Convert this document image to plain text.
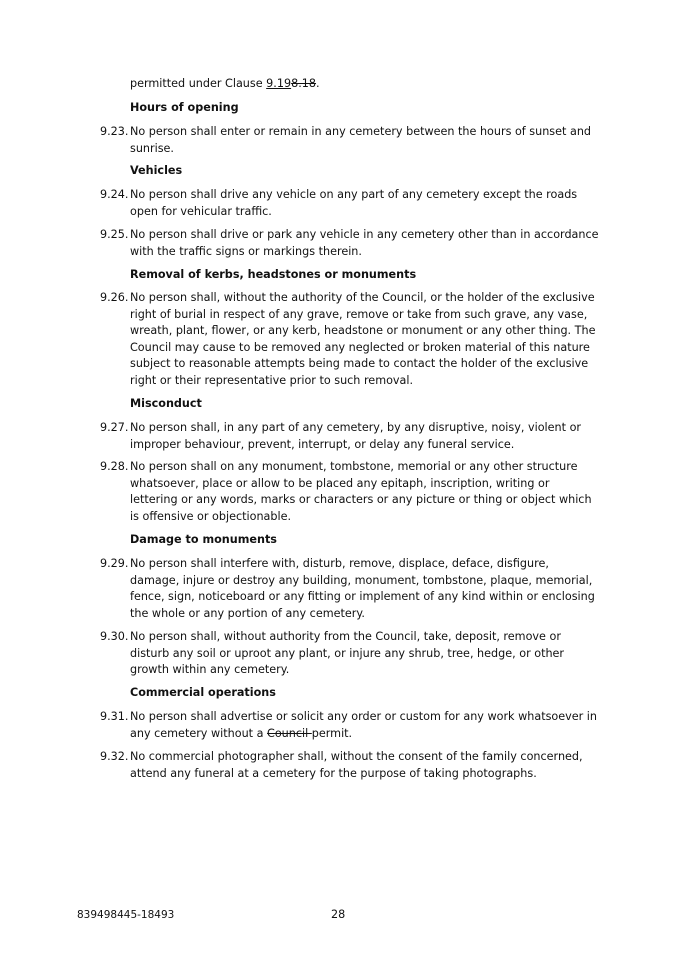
permitted under Clause 9.198.18.
Hours of opening
9.23. No person shall enter or remain in any cemetery between the hours of sunset and sunrise.
Vehicles
9.24. No person shall drive any vehicle on any part of any cemetery except the roads open for vehicular traffic.
9.25. No person shall drive or park any vehicle in any cemetery other than in accordance with the traffic signs or markings therein.
Removal of kerbs, headstones or monuments
9.26. No person shall, without the authority of the Council, or the holder of the exclusive right of burial in respect of any grave, remove or take from such grave, any vase, wreath, plant, flower, or any kerb, headstone or monument or any other thing. The Council may cause to be removed any neglected or broken material of this nature subject to reasonable attempts being made to contact the holder of the exclusive right or their representative prior to such removal.
Misconduct
9.27. No person shall, in any part of any cemetery, by any disruptive, noisy, violent or improper behaviour, prevent, interrupt, or delay any funeral service.
9.28. No person shall on any monument, tombstone, memorial or any other structure whatsoever, place or allow to be placed any epitaph, inscription, writing or lettering or any words, marks or characters or any picture or thing or object which is offensive or objectionable.
Damage to monuments
9.29. No person shall interfere with, disturb, remove, displace, deface, disfigure, damage, injure or destroy any building, monument, tombstone, plaque, memorial, fence, sign, noticeboard or any fitting or implement of any kind within or enclosing the whole or any portion of any cemetery.
9.30. No person shall, without authority from the Council, take, deposit, remove or disturb any soil or uproot any plant, or injure any shrub, tree, hedge, or other growth within any cemetery.
Commercial operations
9.31. No person shall advertise or solicit any order or custom for any work whatsoever in any cemetery without a Council permit.
9.32. No commercial photographer shall, without the consent of the family concerned, attend any funeral at a cemetery for the purpose of taking photographs.
839498445-18493	28
